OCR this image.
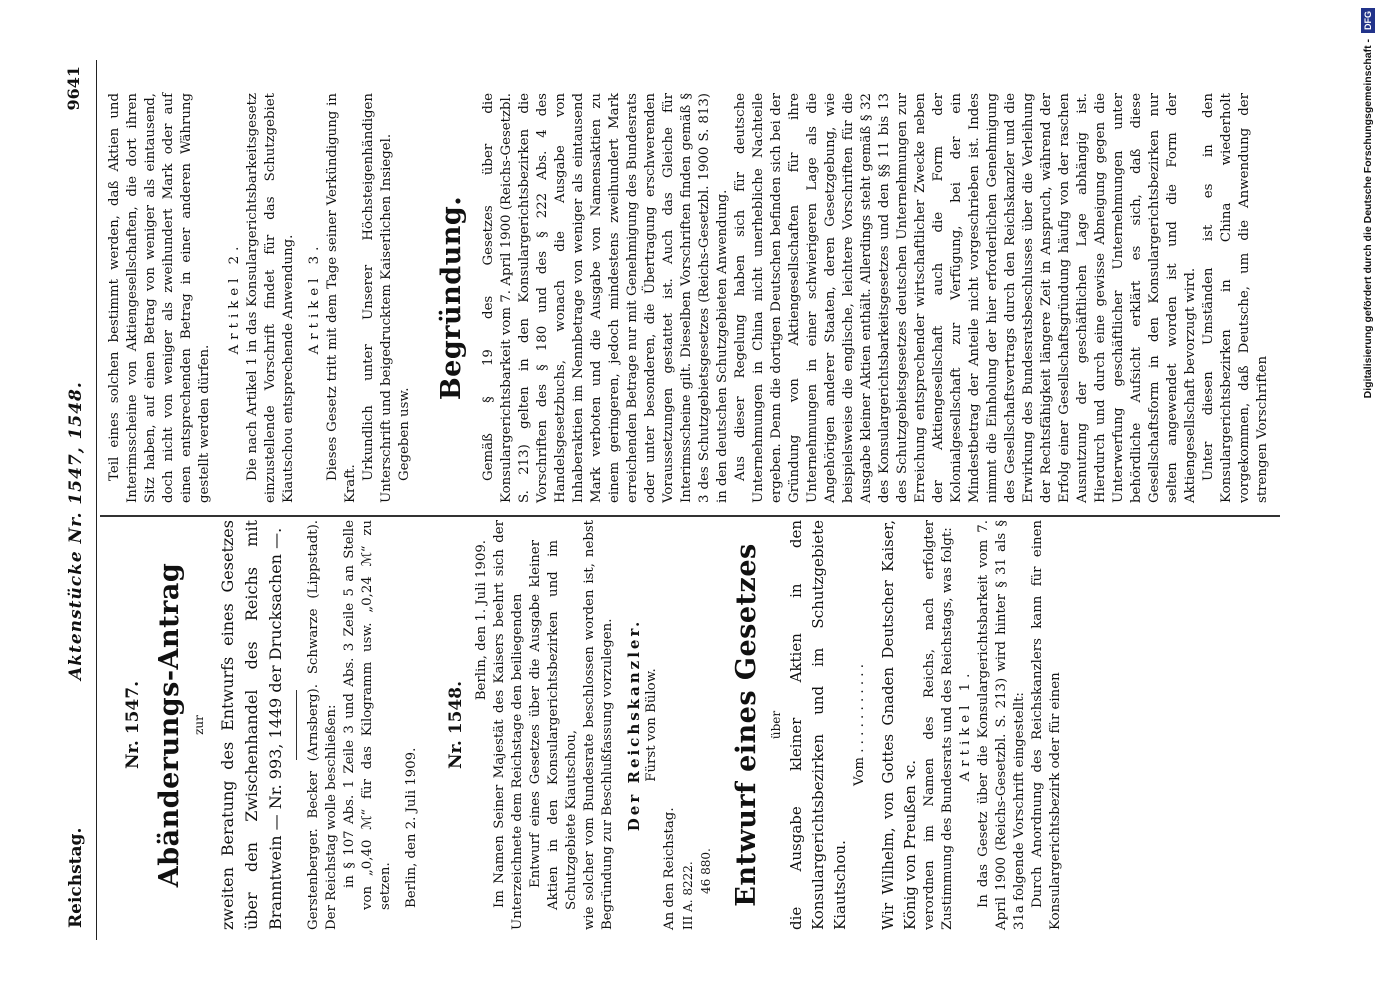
Reichstag.
Aktenstücke Nr. 1547, 1548.
9641

Nr. 1547. Abänderungs-Antrag zur zweiten Beratung des Entwurfs eines Gesetzes über den Zwischenhandel des Reichs mit Branntwein — Nr. 993, 1449 der Drucksachen —. Gerstenberger. Becker (Arnsberg). Schwarze (Lippstadt). Der Reichstag wolle beschließen: in § 107 Abs. 1 Zeile 3 und Abs. 3 Zeile 5 an Stelle von „0,40 ℳ“ für das Kilogramm usw. „0,24 ℳ“ zu setzen. Berlin, den 2. Juli 1909.

Nr. 1548.

Berlin, den 1. Juli 1909. Im Namen Seiner Majestät des Kaisers beehrt sich der Unterzeichnete dem Reichstage den beiliegenden Entwurf eines Gesetzes über die Ausgabe kleiner Aktien in den Konsulargerichtsbezirken und im Schutzgebiete Kiautschou, wie solcher vom Bundesrate beschlossen worden ist, nebst Begründung zur Beschlußfassung vorzulegen. Der Reichskanzler. Fürst von Bülow.

An den Reichstag. III A. 8222. 46 880. Entwurf eines Gesetzes über die Ausgabe kleiner Aktien in den Konsulargerichtsbezirken und im Schutzgebiete Kiautschou.

Vom . . . . . . . . . . . Wir Wilhelm, von Gottes Gnaden Deutscher Kaiser, König von Preußen ꝛc. verordnen im Namen des Reichs, nach erfolgter Zustimmung des Bundesrats und des Reichstags, was folgt: Artikel 1. In das Gesetz über die Konsulargerichtsbarkeit vom 7. April 1900 (Reichs-Gesetzbl. S. 213) wird hinter § 31 als § 31a folgende Vorschrift eingestellt: Durch Anordnung des Reichskanzlers kann für einen Konsulargerichtsbezirk oder für einen

Teil eines solchen bestimmt werden, daß Aktien und Interimsscheine von Aktiengesellschaften, die dort ihren Sitz haben, auf einen Betrag von weniger als eintausend, doch nicht von weniger als zweihundert Mark oder auf einen entsprechenden Betrag in einer anderen Währung gestellt werden dürfen.

Artikel 2. Die nach Artikel 1 in das Konsulargerichtsbarkeitsgesetz einzustellende Vorschrift findet für das Schutzgebiet Kiautschou entsprechende Anwendung. Artikel 3. Dieses Gesetz tritt mit dem Tage seiner Verkündigung in Kraft.

Urkundlich unter Unserer Höchsteigenhändigen Unterschrift und beigedrucktem Kaiserlichen Insiegel. Gegeben usw.

Begründung.	Gemäß § 19 des Gesetzes über die Konsulargerichtsbarkeit vom 7. April 1900 (Reichs-Gesetzbl. S. 213) gelten in den Konsulargerichtsbezirken die Vorschriften des § 180 und des § 222 Abs. 4 des Handelsgesetzbuchs, wonach die Ausgabe von Inhaberaktien im Nennbetrage von weniger als eintausend Mark verboten und die Ausgabe von Namensaktien zu einem geringeren, jedoch mindestens zweihundert Mark erreichenden Betrage nur mit Genehmigung des Bundesrats oder unter besonderen, die Übertragung erschwerenden Voraussetzungen gestattet ist. Auch das Gleiche für Interimsscheine gilt. Dieselben Vorschriften finden gemäß § 3 des Schutzgebietsgesetzes (Reichs-Gesetzbl. 1900 S. 813) in den deutschen Schutzgebieten Anwendung. Aus dieser Regelung haben sich für deutsche Unternehmungen in China nicht unerhebliche Nachteile ergeben. Denn die dortigen Deutschen befinden sich bei der Gründung von Aktiengesellschaften für ihre Unternehmungen in einer schwierigeren Lage als die Angehörigen anderer Staaten, deren Gesetzgebung, wie beispielsweise die englische, leichtere Vorschriften für die Ausgabe kleiner Aktien enthält. Allerdings steht gemäß § 32 des Konsulargerichtsbarkeitsgesetzes und den §§ 11 bis 13 des Schutzgebietsgesetzes deutschen Unternehmungen zur Erreichung entsprechender wirtschaftlicher Zwecke neben der Aktiengesellschaft auch die Form der Kolonialgesellschaft zur Verfügung, bei der ein Mindestbetrag der Anteile nicht vorgeschrieben ist. Indes nimmt die Einholung der hier erforderlichen Genehmigung des Gesellschaftsvertrags durch den Reichskanzler und die Erwirkung des Bundesratsbeschlusses über die Verleihung der Rechtsfähigkeit längere Zeit in Anspruch, während der Erfolg einer Gesellschaftsgründung häufig von der raschen Ausnutzung der geschäftlichen Lage abhängig ist. Hierdurch und durch eine gewisse Abneigung gegen die Unterwerfung geschäftlicher Unternehmungen unter behördliche Aufsicht erklärt es sich, daß diese Gesellschaftsform in den Konsulargerichtsbezirken nur selten angewendet worden ist und die Form der Aktiengesellschaft bevorzugt wird. Unter diesen Umständen ist es in den Konsulargerichtsbezirken in China wiederholt vorgekommen, daß Deutsche, um die Anwendung der strengen Vorschriften

Digitalisierung gefördert durch die Deutsche Forschungsgemeinschaft -DFG
